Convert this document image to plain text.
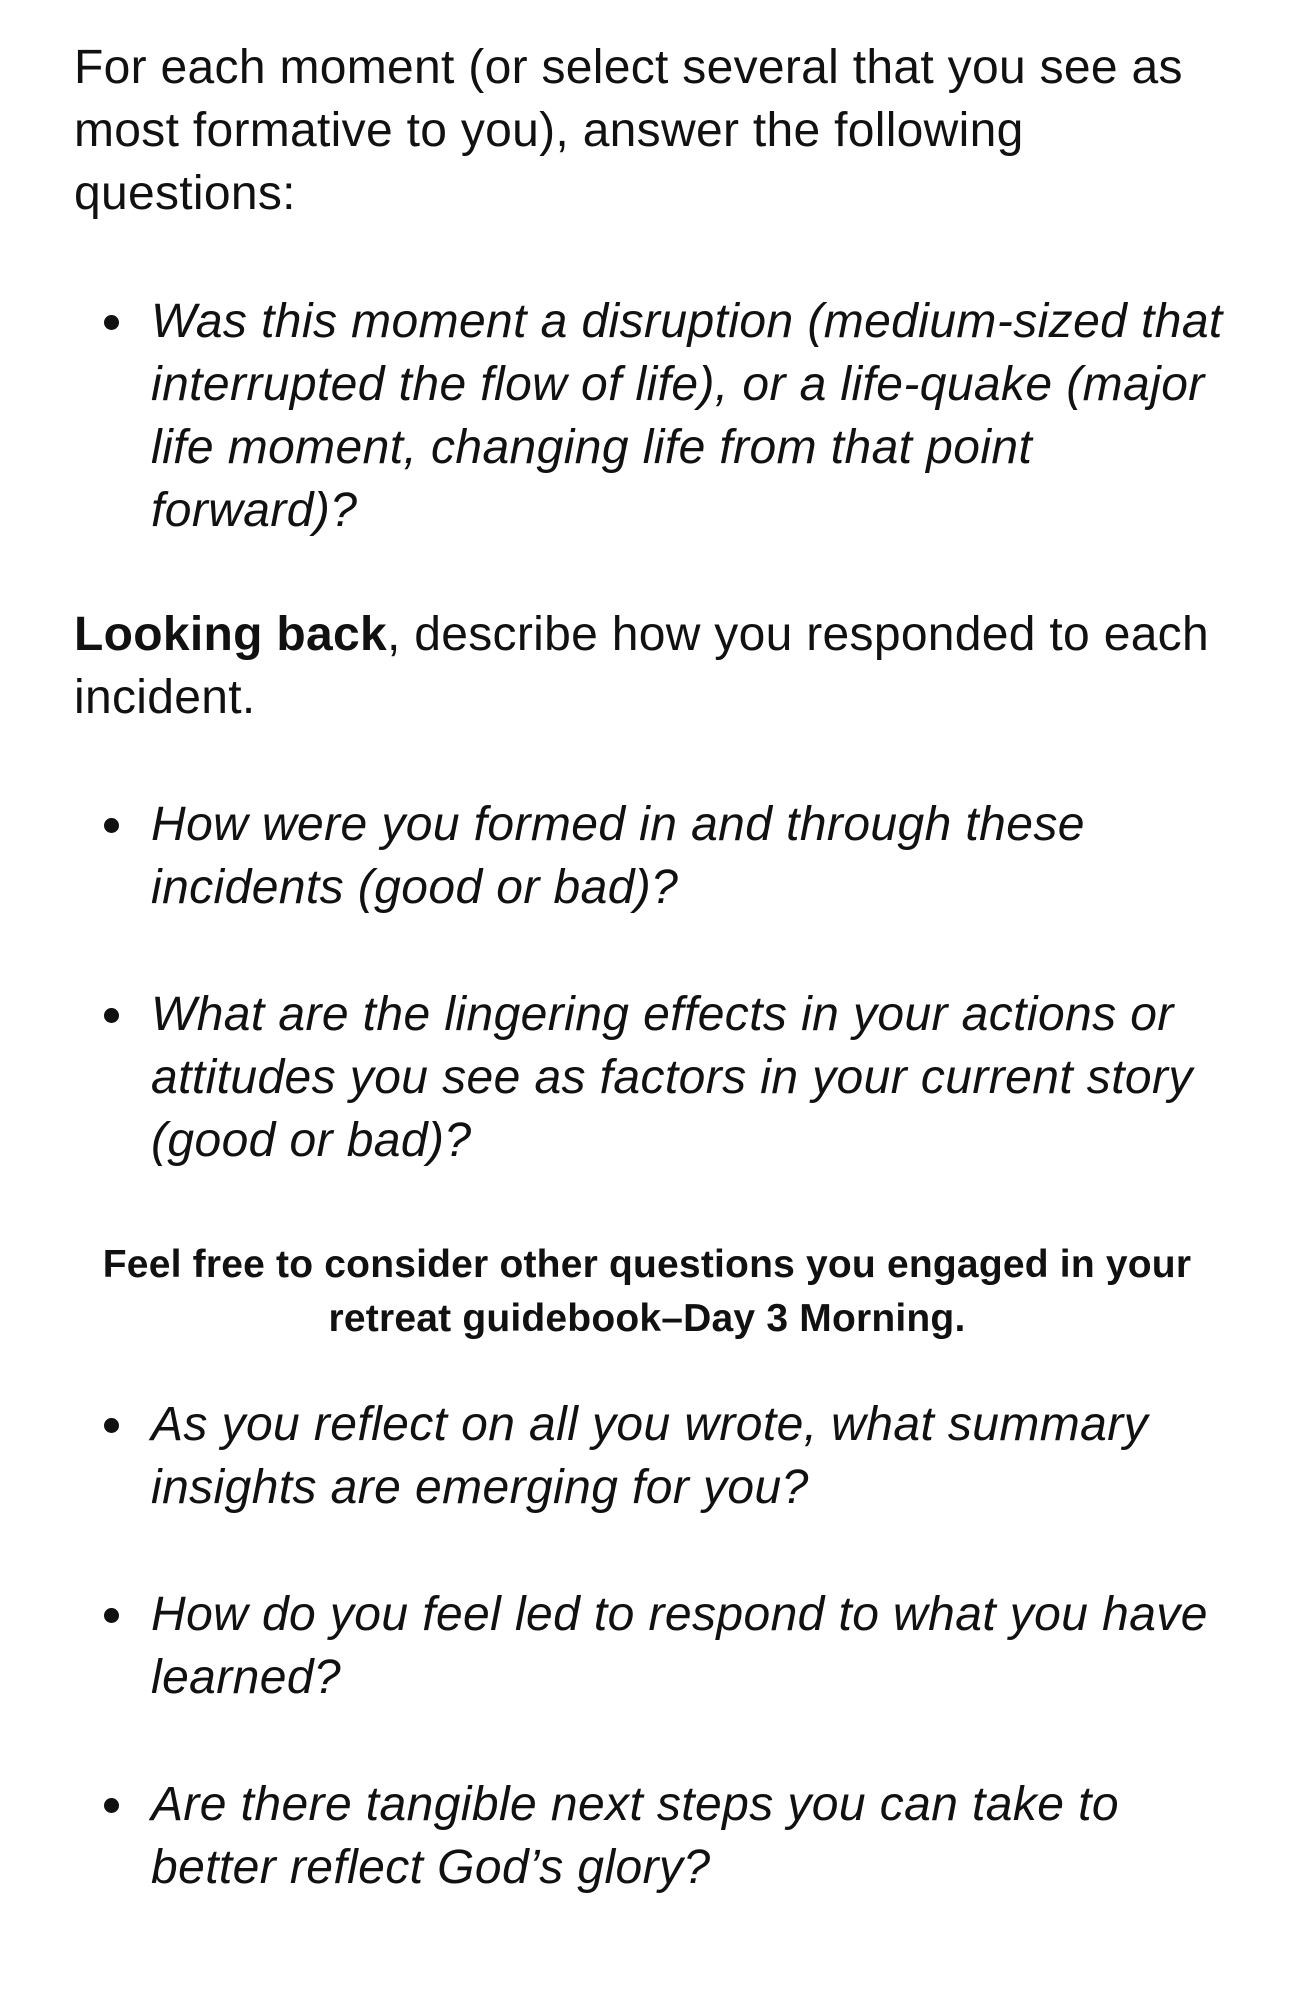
For each moment (or select several that you see as most formative to you), answer the following questions:

Was this moment a disruption (medium-sized that interrupted the flow of life), or a life-quake (major life moment, changing life from that point forward)?

Looking back, describe how you responded to each incident.

How were you formed in and through these incidents (good or bad)?
What are the lingering effects in your actions or attitudes you see as factors in your current story (good or bad)?

Feel free to consider other questions you engaged in your retreat guidebook–Day 3 Morning.

As you reflect on all you wrote, what summary insights are emerging for you?
How do you feel led to respond to what you have learned?
Are there tangible next steps you can take to better reflect God’s glory?
